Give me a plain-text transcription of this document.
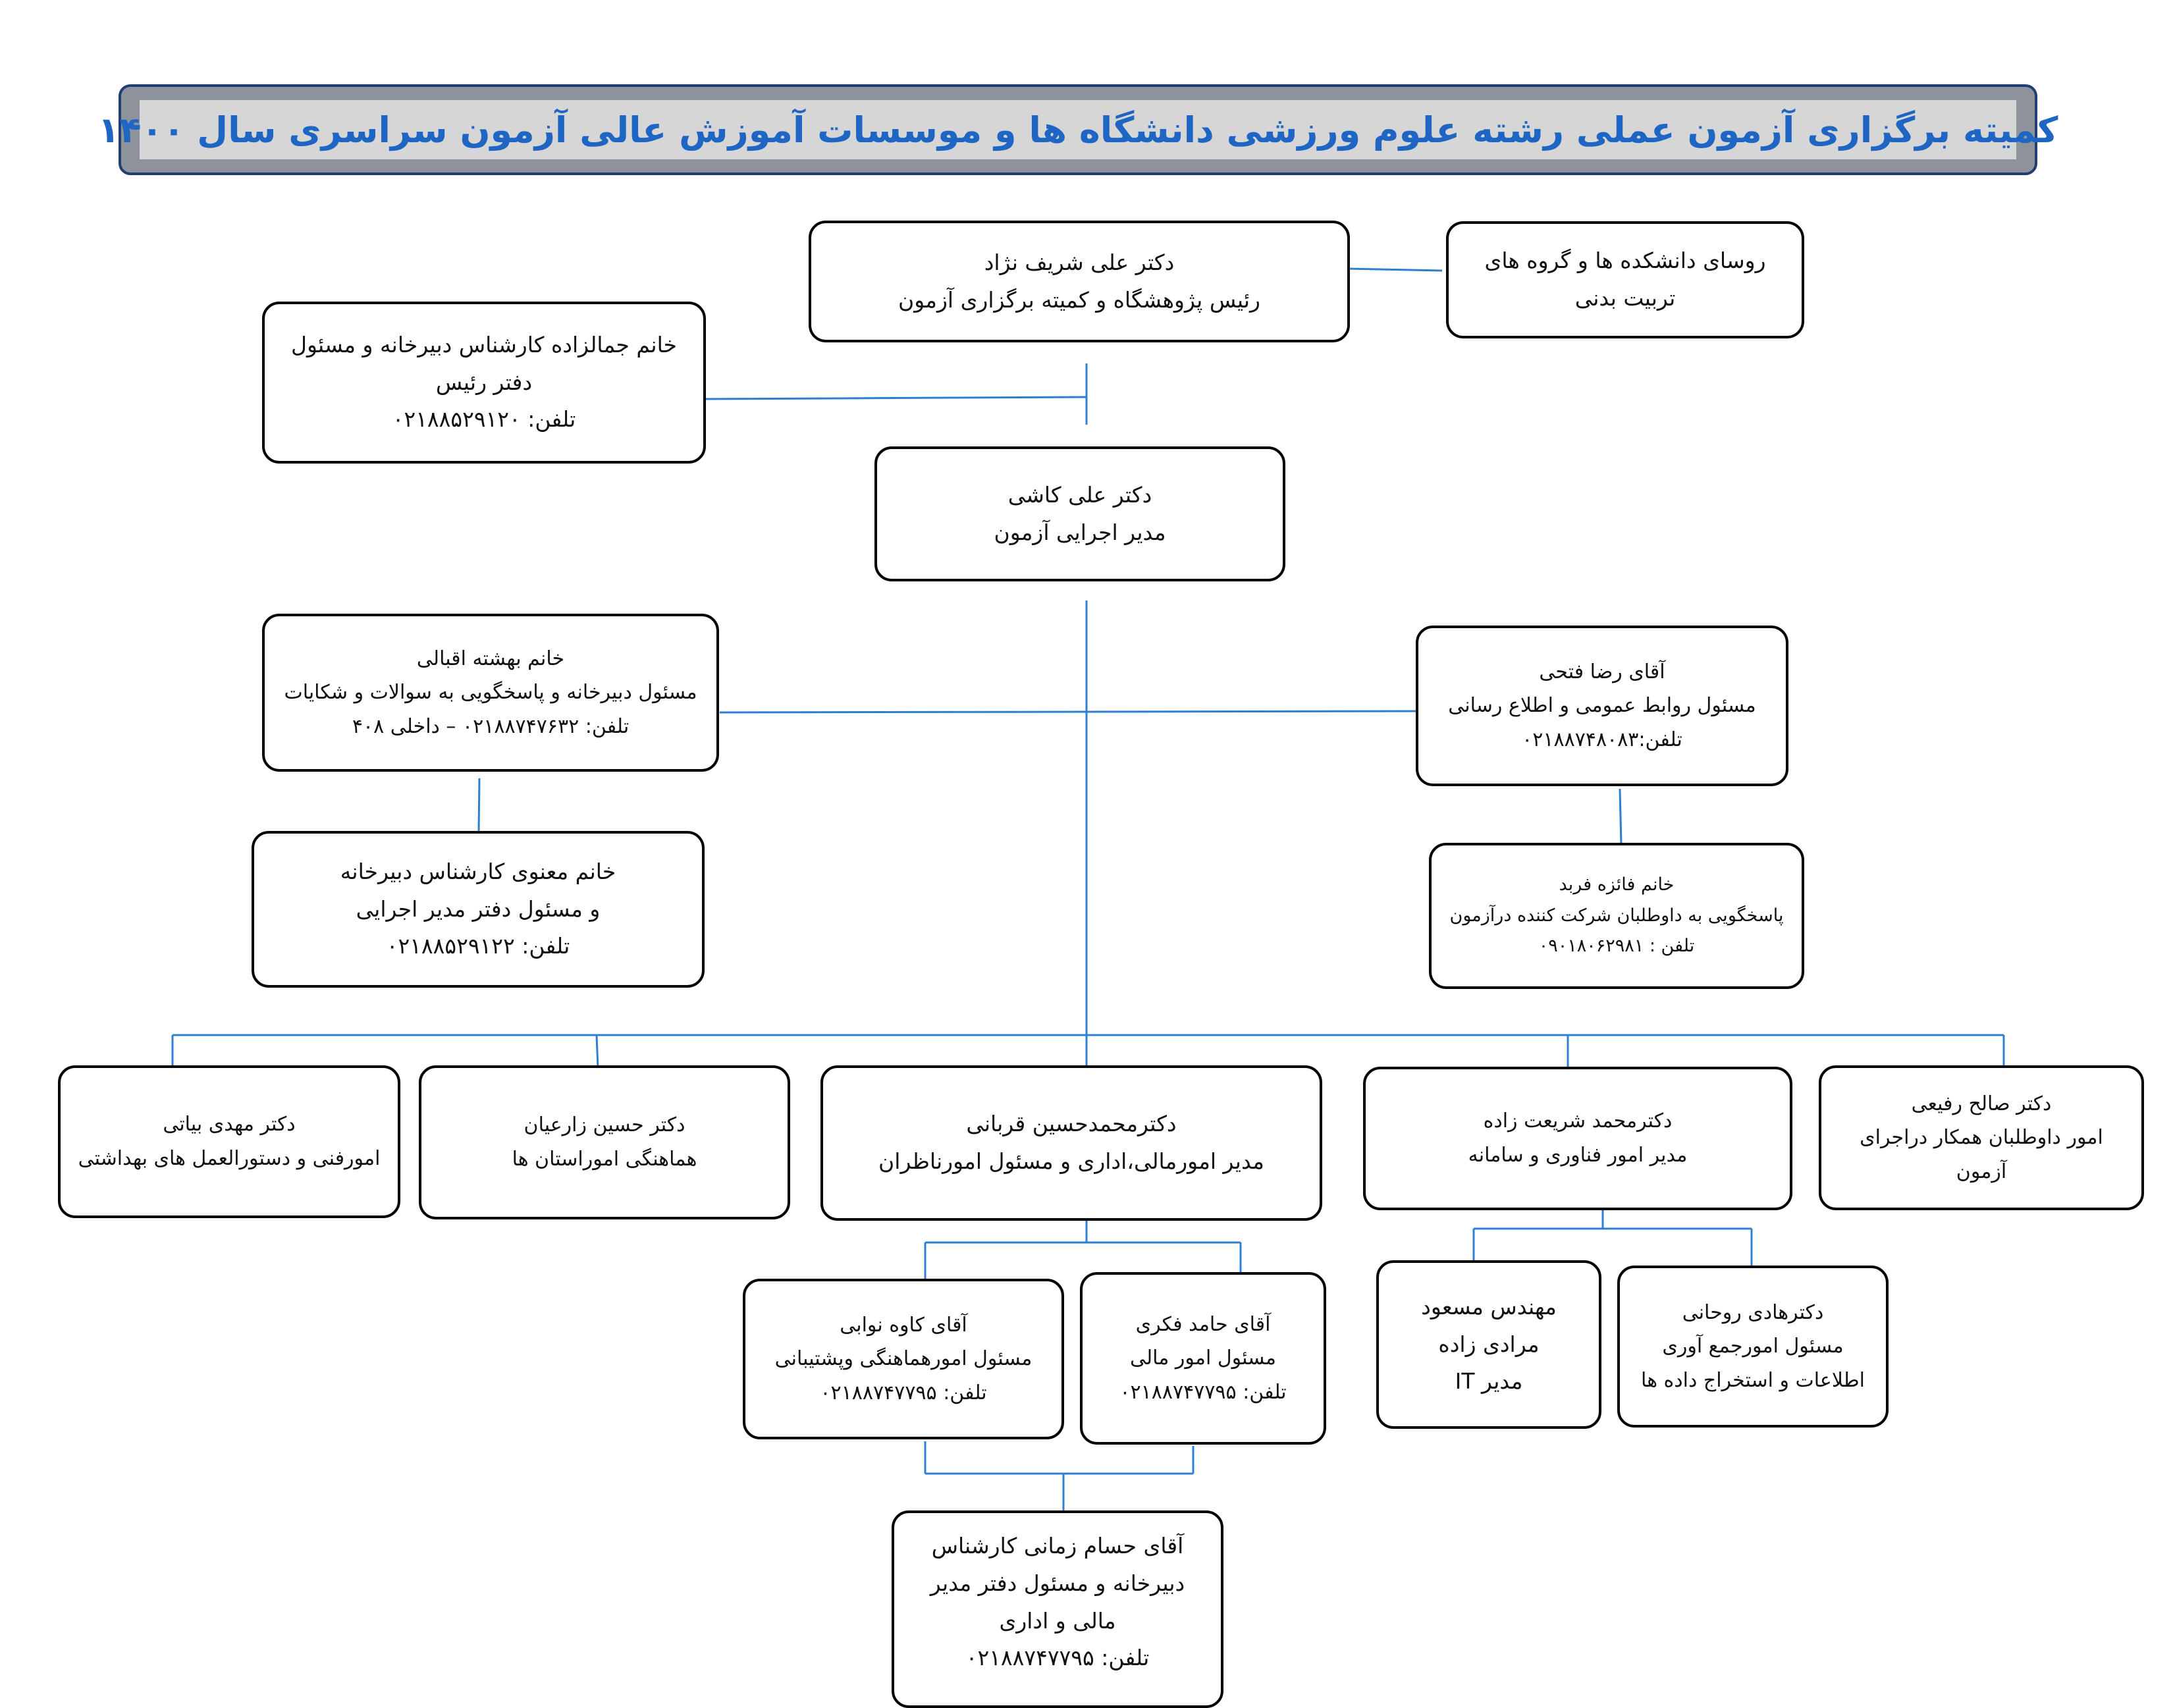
کمیته برگزاری آزمون عملی رشته علوم ورزشی دانشگاه ها و موسسات آموزش عالی آزمون سراسری سال ۱۴۰۰
روسای دانشکده ها و گروه های
تربیت بدنی
دکتر علی شریف نژاد
رئیس پژوهشگاه و کمیته برگزاری آزمون
خانم جمالزاده کارشناس دبیرخانه و مسئول
دفتر رئیس
تلفن: ۰۲۱۸۸۵۲۹۱۲۰
دکتر علی کاشی
مدیر اجرایی آزمون
خانم بهشته اقبالی
مسئول دبیرخانه و پاسخگویی به سوالات و شکایات
تلفن: ۰۲۱۸۸۷۴۷۶۳۲ – داخلی ۴۰۸
آقای رضا فتحی
مسئول روابط عمومی و اطلاع رسانی
تلفن:۰۲۱۸۸۷۴۸۰۸۳
خانم معنوی کارشناس دبیرخانه
و مسئول دفتر مدیر اجرایی
تلفن: ۰۲۱۸۸۵۲۹۱۲۲
خانم فائزه فربد
پاسخگویی به داوطلبان شرکت کننده درآزمون
تلفن : ۰۹۰۱۸۰۶۲۹۸۱
دکتر مهدی بیاتی
امورفنی و دستورالعمل های بهداشتی
دکتر حسین زارعیان
هماهنگی اموراستان ها
دکترمحمدحسین قربانی
مدیر امورمالی،اداری و مسئول امورناظران
دکترمحمد شریعت زاده
مدیر امور فناوری و سامانه
دکتر صالح رفیعی
امور داوطلبان همکار دراجرای
آزمون
آقای کاوه نوابی
مسئول امورهماهنگی وپشتیبانی
تلفن: ۰۲۱۸۸۷۴۷۷۹۵
آقای حامد فکری
مسئول امور مالی
تلفن: ۰۲۱۸۸۷۴۷۷۹۵
مهندس مسعود
مرادی زاده
مدیر IT
دکترهادی روحانی
مسئول امورجمع آوری
اطلاعات و استخراج داده ها
آقای حسام زمانی کارشناس
دبیرخانه و مسئول دفتر مدیر
مالی و اداری
تلفن: ۰۲۱۸۸۷۴۷۷۹۵
